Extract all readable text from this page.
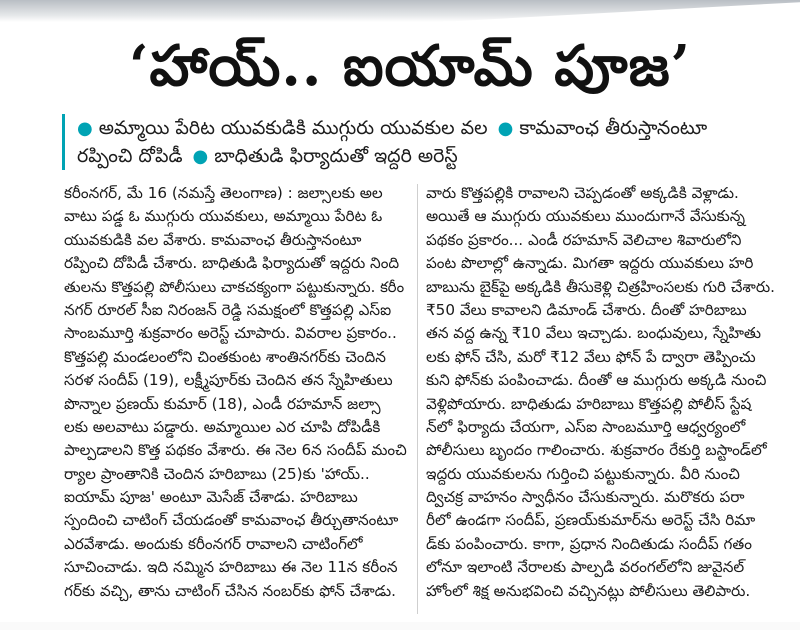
‘హాయ్.. ఐయామ్ పూజ’
● అమ్మాయి పేరిట యువకుడికి ముగ్గురు యువకుల వల ● కామవాంఛ తీరుస్తానంటూ
రప్పించి దోపిడీ ● బాధితుడి ఫిర్యాదుతో ఇద్దరి అరెస్ట్
కరీంనగర్, మే 16 (నమస్తే తెలంగాణ) : జల్సాలకు అల
వాటు పడ్డ ఓ ముగ్గురు యువకులు, అమ్మాయి పేరిట ఓ
యువకుడికి వల వేశారు. కామవాంఛ తీరుస్తానంటూ
రప్పించి దోపిడీ చేశారు. బాధితుడి ఫిర్యాదుతో ఇద్దరు నింది
తులను కొత్తపల్లి పోలీసులు చాకచక్యంగా పట్టుకున్నారు. కరీం
నగర్ రూరల్ సీఐ నిరంజన్ రెడ్డి సమక్షంలో కొత్తపల్లి ఎస్ఐ
సాంబమూర్తి శుక్రవారం అరెస్ట్ చూపారు. వివరాల ప్రకారం..
కొత్తపల్లి మండలంలోని చింతకుంట శాంతినగర్‌కు చెందిన
సరళ సందీప్ (19), లక్ష్మీపూర్‌కు చెందిన తన స్నేహితులు
పొన్నాల ప్రణయ్ కుమార్ (18), ఎండీ రహమాన్ జల్సా
లకు అలవాటు పడ్డారు. అమ్మాయిల ఎర చూపి దోపిడీకి
పాల్పడాలని కొత్త పథకం వేశారు. ఈ నెల 6న సందీప్ మంచి
ర్యాల ప్రాంతానికి చెందిన హరిబాబు (25)కు 'హాయ్..
ఐయామ్ పూజ' అంటూ మెసేజ్ చేశాడు. హరిబాబు
స్పందించి చాటింగ్ చేయడంతో కామవాంఛ తీర్చుతానంటూ
ఎరవేశాడు. అందుకు కరీంనగర్ రావాలని చాటింగ్‌లో
సూచించాడు. ఇది నమ్మిన హరిబాబు ఈ నెల 11న కరీంన
గర్‌కు వచ్చి, తాను చాటింగ్ చేసిన నంబర్‌కు ఫోన్ చేశాడు.
వారు కొత్తపల్లికి రావాలని చెప్పడంతో అక్కడికి వెళ్లాడు.
అయితే ఆ ముగ్గురు యువకులు ముందుగానే వేసుకున్న
పథకం ప్రకారం... ఎండీ రహమాన్ వెలిచాల శివారులోని
పంట పొలాల్లో ఉన్నాడు. మిగతా ఇద్దరు యువకులు హరి
బాబును బైక్‌పై అక్కడికి తీసుకెళ్లి చిత్రహింసలకు గురి చేశారు.
₹50 వేలు కావాలని డిమాండ్ చేశారు. దీంతో హరిబాబు
తన వద్ద ఉన్న ₹10 వేలు ఇచ్చాడు. బంధువులు, స్నేహితు
లకు ఫోన్ చేసి, మరో ₹12 వేలు ఫోన్ పే ద్వారా తెప్పించు
కుని ఫోన్‌కు పంపించాడు. దీంతో ఆ ముగ్గురు అక్కడి నుంచి
వెళ్లిపోయారు. బాధితుడు హరిబాబు కొత్తపల్లి పోలీస్ స్టేష
న్‌లో ఫిర్యాదు చేయగా, ఎస్ఐ సాంబమూర్తి ఆధ్వర్యంలో
పోలీసులు బృందం గాలించారు. శుక్రవారం రేకుర్తి బస్టాండ్‌లో
ఇద్దరు యువకులను గుర్తించి పట్టుకున్నారు. వీరి నుంచి
ద్విచక్ర వాహనం స్వాధీనం చేసుకున్నారు. మరొకరు పరా
రీలో ఉండగా సందీప్, ప్రణయ్‌కుమార్‌ను అరెస్ట్ చేసి రిమా
డ్‌కు పంపించారు. కాగా, ప్రధాన నిందితుడు సందీప్ గతం
లోనూ ఇలాంటి నేరాలకు పాల్పడి వరంగల్‌లోని జువైనల్
హోంలో శిక్ష అనుభవించి వచ్చినట్లు పోలీసులు తెలిపారు.
